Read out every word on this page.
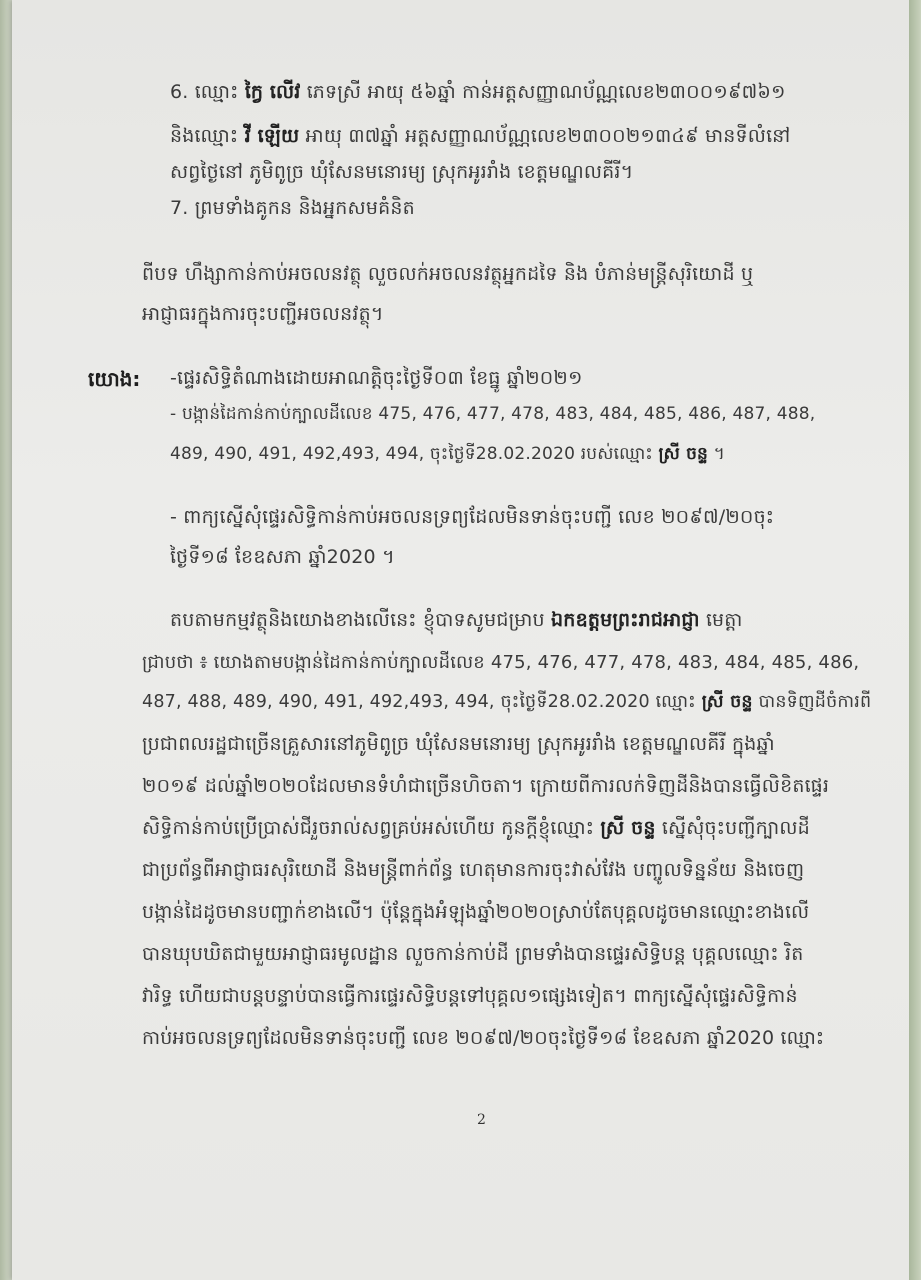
6. ឈ្មោះ កៃ្វ លើវ ភេទស្រី អាយុ ៥៦ឆ្នាំ កាន់អត្តសញ្ញាណប័ណ្ណលេខ២៣០០១៩៧៦១
និងឈ្មោះ វី ឡើយ អាយុ ៣៧ឆ្នាំ អត្តសញ្ញាណប័ណ្ណលេខ២៣០០២១៣៤៩ មានទីលំនៅ
សព្វថ្ងៃនៅ ភូមិពូច្រ ឃុំសែនមនោរម្យ ស្រុកអូររាំង ខេត្តមណ្ឌលគីរី។
7. ព្រមទាំងគូកន និងអ្នកសមគំនិត
ពីបទ ហឹង្សាកាន់កាប់អចលនវត្ថុ លួចលក់អចលនវត្ថុអ្នកដទៃ និង បំភាន់មន្ត្រីសុរិយោដី ឬ
អាជ្ញាធរក្នុងការចុះបញ្ជីអចលនវត្ថុ។
យោង: -ផ្ទេរសិទ្ធិតំណាងដោយអាណត្តិចុះថ្ងៃទី០៣ ខែធ្នូ ឆ្នាំ២០២១
- បង្កាន់ដៃកាន់កាប់ក្បាលដីលេខ 475, 476, 477, 478, 483, 484, 485, 486, 487, 488,
489, 490, 491, 492,493, 494, ចុះថ្ងៃទី28.02.2020 របស់ឈ្មោះ ស្រី ចន្ទ ។
- ពាក្យស្នើសុំផ្ទេរសិទ្ធិកាន់កាប់អចលនទ្រព្យដែលមិនទាន់ចុះបញ្ជី លេខ ២០៩៧/២០ចុះ
ថ្ងៃទី១៨ ខែឧសភា ឆ្នាំ2020 ។
តបតាមកម្មវត្ថុនិងយោងខាងលើនេះ ខ្ញុំបាទសូមជម្រាប ឯកឧត្តមព្រះរាជអាជ្ញា មេត្តា
ជ្រាបថា ៖ យោងតាមបង្កាន់ដៃកាន់កាប់ក្បាលដីលេខ 475, 476, 477, 478, 483, 484, 485, 486,
487, 488, 489, 490, 491, 492,493, 494, ចុះថ្ងៃទី28.02.2020 ឈ្មោះ ស្រី ចន្ទ បានទិញដីចំការពី
ប្រជាពលរដ្ឋជាច្រើនគ្រួសារនៅភូមិពូច្រ ឃុំសែនមនោរម្យ ស្រុកអូររាំង ខេត្តមណ្ឌលគីរី ក្នុងឆ្នាំ
២០១៩ ដល់ឆ្នាំ២០២០ដែលមានទំហំជាច្រើនហិចតា។ ក្រោយពីការលក់ទិញដីនិងបានធ្វើលិខិតផ្ទេរ
សិទ្ធិកាន់កាប់ប្រើប្រាស់ជីរួចរាល់សព្វគ្រប់អស់ហើយ កូនក្តីខ្ញុំឈ្មោះ ស្រី ចន្ទ ស្នើសុំចុះបញ្ជីក្បាលដី
ជាប្រព័ន្ធពីអាជ្ញាធរសុរិយោដី និងមន្ត្រីពាក់ព័ន្ធ ហេតុមានការចុះវាស់វែង បញ្ចូលទិន្នន័យ និងចេញ
បង្កាន់ដៃដូចមានបញ្ជាក់ខាងលើ។ ប៉ុន្តែក្នុងអំឡុងឆ្នាំ២០២០ស្រាប់តែបុគ្គលដូចមានឈ្មោះខាងលើ
បានឃុបឃិតជាមួយអាជ្ញាធរមូលដ្ឋាន លួចកាន់កាប់ដី ព្រមទាំងបានផ្ទេរសិទ្ធិបន្ត បុគ្គលឈ្មោះ រិត
វារិទ្ធ ហើយជាបន្តបន្ទាប់បានធ្វើការផ្ទេរសិទ្ធិបន្តទៅបុគ្គល១ផ្សេងទៀត។ ពាក្យស្នើសុំផ្ទេរសិទ្ធិកាន់
កាប់អចលនទ្រព្យដែលមិនទាន់ចុះបញ្ជី លេខ ២០៩៧/២០ចុះថ្ងៃទី១៨ ខែឧសភា ឆ្នាំ2020 ឈ្មោះ
2
